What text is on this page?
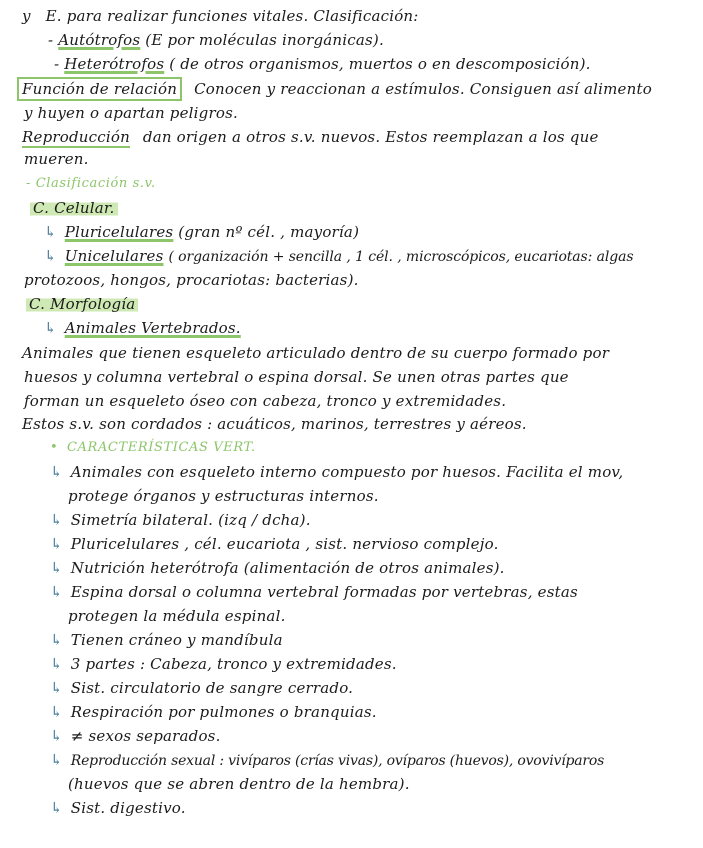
y E. para realizar funciones vitales. Clasificación:
- Autótrofos (E por moléculas inorgánicas).
- Heterótrofos ( de otros organismos, muertos o en descomposición).
Función de relación Conocen y reaccionan a estímulos. Consiguen así alimento
y huyen o apartan peligros.
Reproducción dan origen a otros s.v. nuevos. Estos reemplazan a los que
mueren.
- Clasificación s.v.
C. Celular.
↳ Pluricelulares (gran nº cél. , mayoría)
↳ Unicelulares ( organización + sencilla , 1 cél. , microscópicos, eucariotas: algas
protozoos, hongos, procariotas: bacterias).
C. Morfología
↳ Animales Vertebrados.
Animales que tienen esqueleto articulado dentro de su cuerpo formado por
huesos y columna vertebral o espina dorsal. Se unen otras partes que
forman un esqueleto óseo con cabeza, tronco y extremidades.
Estos s.v. son cordados : acuáticos, marinos, terrestres y aéreos.
• CARACTERÍSTICAS VERT.
↳ Animales con esqueleto interno compuesto por huesos. Facilita el mov,
protege órganos y estructuras internos.
↳ Simetría bilateral. (izq / dcha).
↳ Pluricelulares , cél. eucariota , sist. nervioso complejo.
↳ Nutrición heterótrofa (alimentación de otros animales).
↳ Espina dorsal o columna vertebral formadas por vertebras, estas
protegen la médula espinal.
↳ Tienen cráneo y mandíbula
↳ 3 partes : Cabeza, tronco y extremidades.
↳ Sist. circulatorio de sangre cerrado.
↳ Respiración por pulmones o branquias.
↳ ≠ sexos separados.
↳ Reproducción sexual : vivíparos (crías vivas), ovíparos (huevos), ovovivíparos
(huevos que se abren dentro de la hembra).
↳ Sist. digestivo.
